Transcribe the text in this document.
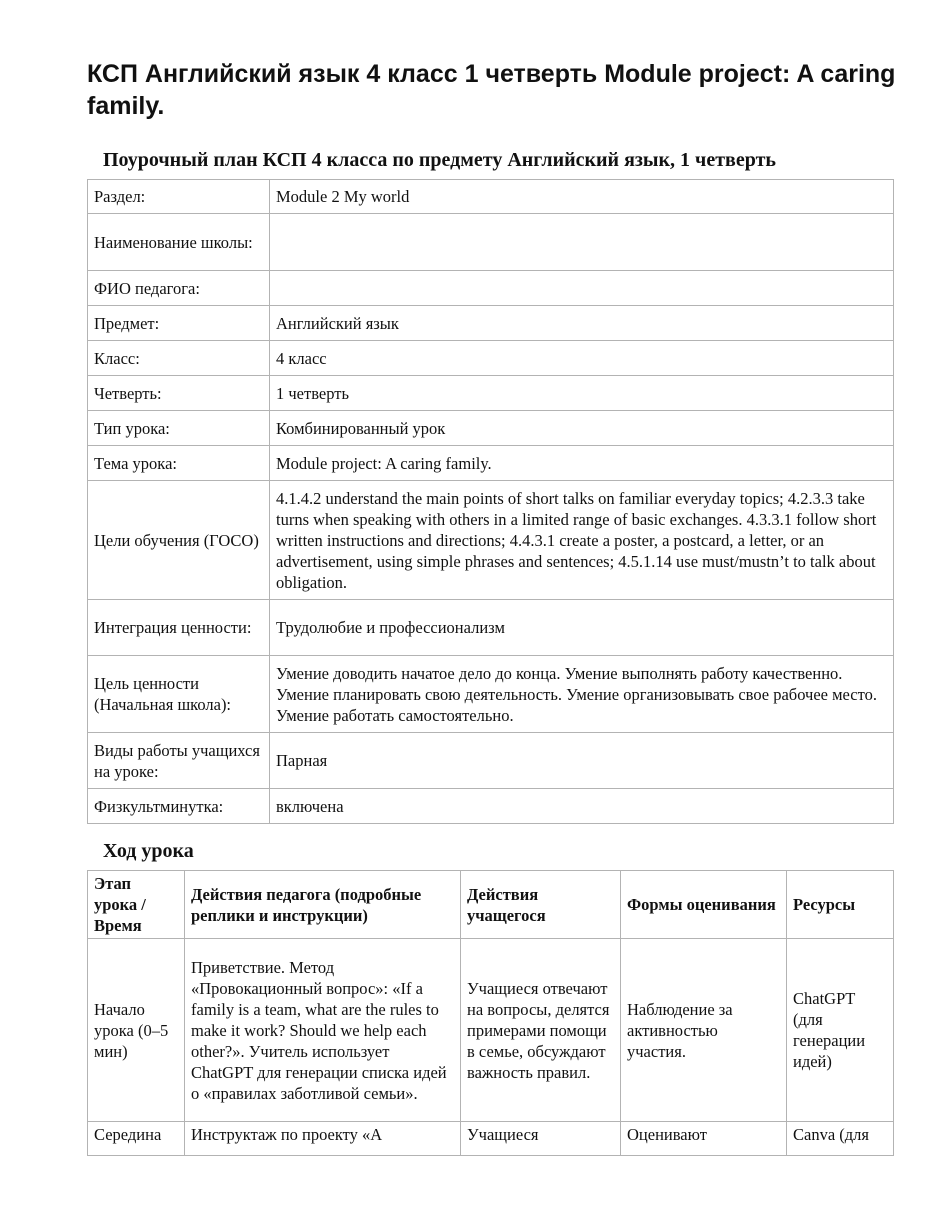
КСП Английский язык 4 класс 1 четверть Module project: A caring family.
Поурочный план КСП 4 класса по предмету Английский язык, 1 четверть
Раздел:	Module 2 My world
Наименование школы:	
ФИО педагога:	
Предмет:	Английский язык
Класс:	4 класс
Четверть:	1 четверть
Тип урока:	Комбинированный урок
Тема урока:	Module project: A caring family.
Цели обучения (ГОСО)	4.1.4.2 understand the main points of short talks on familiar everyday topics; 4.2.3.3 take turns when speaking with others in a limited range of basic exchanges. 4.3.3.1 follow short written instructions and directions; 4.4.3.1 create a poster, a postcard, a letter, or an advertisement, using simple phrases and sentences; 4.5.1.14 use must/mustn’t to talk about obligation.
Интеграция ценности:	Трудолюбие и профессионализм
Цель ценности (Начальная школа):	Умение доводить начатое дело до конца. Умение выполнять работу качественно. Умение планировать свою деятельность. Умение организовывать свое рабочее место. Умение работать самостоятельно.
Виды работы учащихся на уроке:	Парная
Физкультминутка:	включена
Ход урока
Этап урока / Время	Действия педагога (подробные реплики и инструкции)	Действия учащегося	Формы оценивания	Ресурсы
Начало урока (0–5 мин)	Приветствие. Метод «Провокационный вопрос»: «If a family is a team, what are the rules to make it work? Should we help each other?». Учитель использует ChatGPT для генерации списка идей о «правилах заботливой семьи».	Учащиеся отвечают на вопросы, делятся примерами помощи в семье, обсуждают важность правил.	Наблюдение за активностью участия.	ChatGPT (для генерации идей)
Середина	Инструктаж по проекту «A	Учащиеся	Оценивают	Canva (для
